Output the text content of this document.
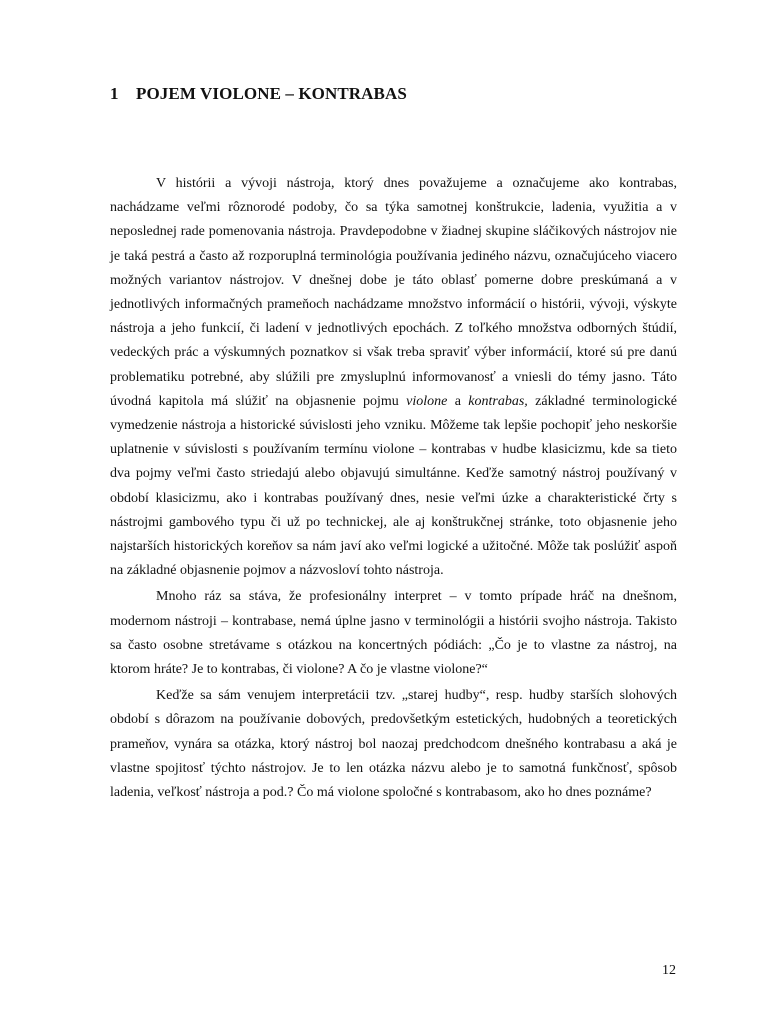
1 POJEM VIOLONE – KONTRABAS

V histórii a vývoji nástroja, ktorý dnes považujeme a označujeme ako kontrabas, nachádzame veľmi rôznorodé podoby, čo sa týka samotnej konštrukcie, ladenia, využitia a v neposlednej rade pomenovania nástroja. Pravdepodobne v žiadnej skupine sláčikových nástrojov nie je taká pestrá a často až rozporuplná terminológia používania jediného názvu, označujúceho viacero možných variantov nástrojov. V dnešnej dobe je táto oblasť pomerne dobre preskúmaná a v jednotlivých informačných prameňoch nachádzame množstvo informácií o histórii, vývoji, výskyte nástroja a jeho funkcií, či ladení v jednotlivých epochách. Z toľkého množstva odborných štúdií, vedeckých prác a výskumných poznatkov si však treba spraviť výber informácií, ktoré sú pre danú problematiku potrebné, aby slúžili pre zmysluplnú informovanosť a vniesli do témy jasno. Táto úvodná kapitola má slúžiť na objasnenie pojmu violone a kontrabas, základné terminologické vymedzenie nástroja a historické súvislosti jeho vzniku. Môžeme tak lepšie pochopiť jeho neskoršie uplatnenie v súvislosti s používaním termínu violone – kontrabas v hudbe klasicizmu, kde sa tieto dva pojmy veľmi často striedajú alebo objavujú simultánne. Keďže samotný nástroj používaný v období klasicizmu, ako i kontrabas používaný dnes, nesie veľmi úzke a charakteristické črty s nástrojmi gambového typu či už po technickej, ale aj konštrukčnej stránke, toto objasnenie jeho najstarších historických koreňov sa nám javí ako veľmi logické a užitočné. Môže tak poslúžiť aspoň na základné objasnenie pojmov a názvosloví tohto nástroja.

Mnoho ráz sa stáva, že profesionálny interpret – v tomto prípade hráč na dnešnom, modernom nástroji – kontrabase, nemá úplne jasno v terminológii a histórii svojho nástroja. Takisto sa často osobne stretávame s otázkou na koncertných pódiách: „Čo je to vlastne za nástroj, na ktorom hráte? Je to kontrabas, či violone? A čo je vlastne violone?“

Keďže sa sám venujem interpretácii tzv. „starej hudby“, resp. hudby starších slohových období s dôrazom na používanie dobových, predovšetkým estetických, hudobných a teoretických prameňov, vynára sa otázka, ktorý nástroj bol naozaj predchodcom dnešného kontrabasu a aká je vlastne spojitosť týchto nástrojov. Je to len otázka názvu alebo je to samotná funkčnosť, spôsob ladenia, veľkosť nástroja a pod.? Čo má violone spoločné s kontrabasom, ako ho dnes poznáme?

12
